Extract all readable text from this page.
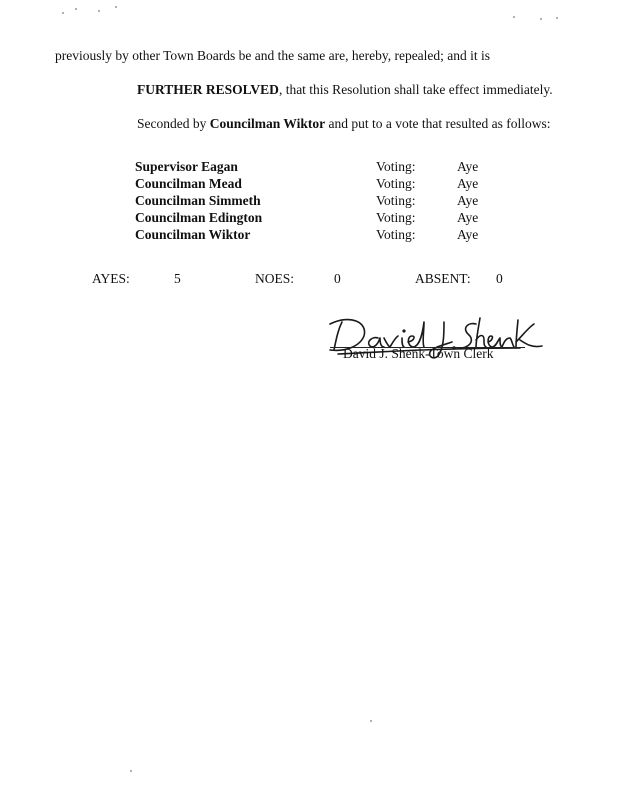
previously by other Town Boards be and the same are, hereby, repealed; and it is
FURTHER RESOLVED, that this Resolution shall take effect immediately.
Seconded by Councilman Wiktor and put to a vote that resulted as follows:
Supervisor Eagan	Voting:	Aye
Councilman Mead	Voting:	Aye
Councilman Simmeth	Voting:	Aye
Councilman Edington	Voting:	Aye
Councilman Wiktor	Voting:	Aye
AYES:	5	NOES:	0	ABSENT: 0
David J. Shenk-Town Clerk
